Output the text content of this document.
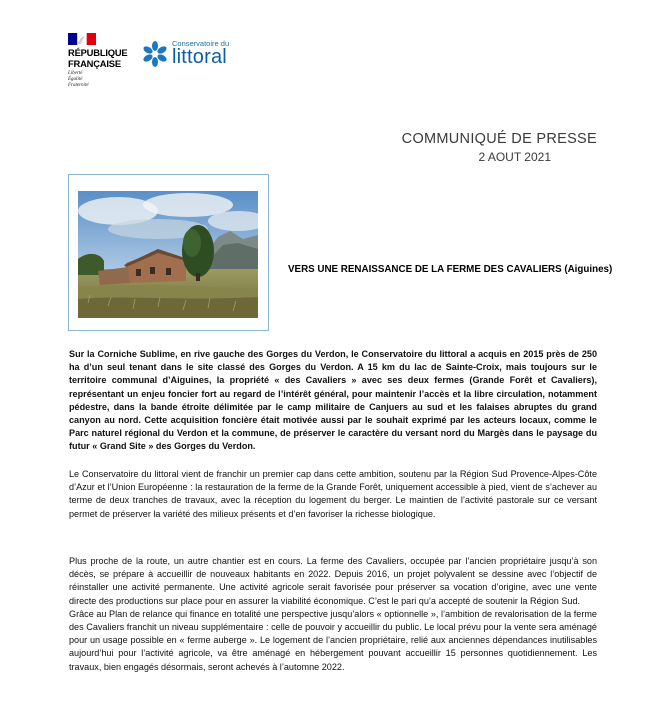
RÉPUBLIQUE
FRANÇAISE
Liberté
Égalité
Fraternité
Conservatoire du
littoral
COMMUNIQUÉ DE PRESSE
2 AOUT 2021
VERS UNE RENAISSANCE DE LA FERME DES CAVALIERS (Aiguines)

Sur la Corniche Sublime, en rive gauche des Gorges du Verdon, le Conservatoire du littoral a acquis en 2015 près de 250 ha d’un seul tenant dans le site classé des Gorges du Verdon. A 15 km du lac de Sainte-Croix, mais toujours sur le territoire communal d’Aiguines, la propriété « des Cavaliers » avec ses deux fermes (Grande Forêt et Cavaliers), représentant un enjeu foncier fort au regard de l’intérêt général, pour maintenir l’accès et la libre circulation, notamment pédestre, dans la bande étroite délimitée par le camp militaire de Canjuers au sud et les falaises abruptes du grand canyon au nord. Cette acquisition foncière était motivée aussi par le souhait exprimé par les acteurs locaux, comme le Parc naturel régional du Verdon et la commune, de préserver le caractère du versant nord du Margès dans le paysage du futur « Grand Site » des Gorges du Verdon.

Le Conservatoire du littoral vient de franchir un premier cap dans cette ambition, soutenu par la Région Sud Provence-Alpes-Côte d’Azur et l’Union Européenne : la restauration de la ferme de la Grande Forêt, uniquement accessible à pied, vient de s’achever au terme de deux tranches de travaux, avec la réception du logement du berger. Le maintien de l’activité pastorale sur ce versant permet de préserver la variété des milieux présents et d’en favoriser la richesse biologique.

Plus proche de la route, un autre chantier est en cours. La ferme des Cavaliers, occupée par l’ancien propriétaire jusqu’à son décès, se prépare à accueillir de nouveaux habitants en 2022. Depuis 2016, un projet polyvalent se dessine avec l’objectif de réinstaller une activité permanente. Une activité agricole serait favorisée pour préserver sa vocation d’origine, avec une vente directe des productions sur place pour en assurer la viabilité économique. C’est le pari qu’a accepté de soutenir la Région Sud.

Grâce au Plan de relance qui finance en totalité une perspective jusqu’alors « optionnelle », l’ambition de revalorisation de la ferme des Cavaliers franchit un niveau supplémentaire : celle de pouvoir y accueillir du public. Le local prévu pour la vente sera aménagé pour un usage possible en « ferme auberge ». Le logement de l’ancien propriétaire, relié aux anciennes dépendances inutilisables aujourd’hui pour l’activité agricole, va être aménagé en hébergement pouvant accueillir 15 personnes quotidiennement. Les travaux, bien engagés désormais, seront achevés à l’automne 2022.
